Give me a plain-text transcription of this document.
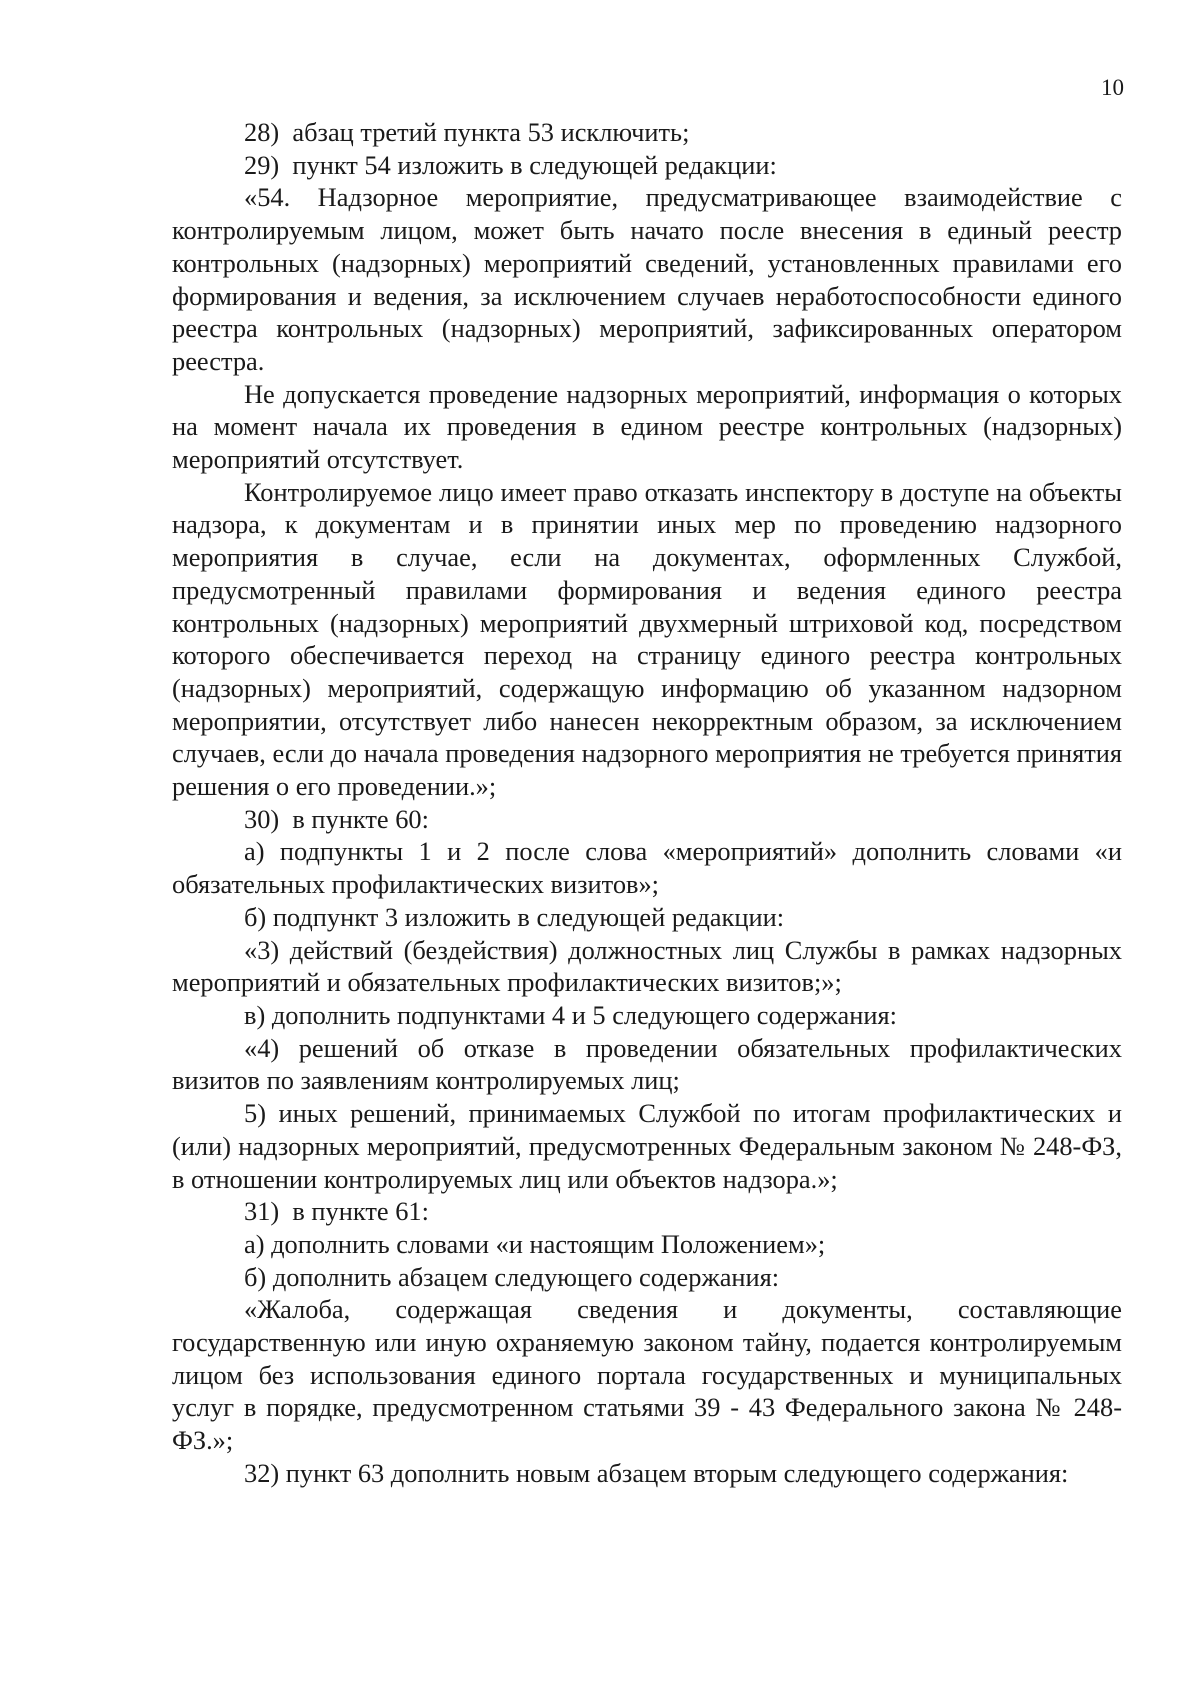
10

28)  абзац третий пункта 53 исключить;

29)  пункт 54 изложить в следующей редакции:

«54. Надзорное мероприятие, предусматривающее взаимодействие с контролируемым лицом, может быть начато после внесения в единый реестр контрольных (надзорных) мероприятий сведений, установленных правилами его формирования и ведения, за исключением случаев неработоспособности единого реестра контрольных (надзорных) мероприятий, зафиксированных оператором реестра.

Не допускается проведение надзорных мероприятий, информация о которых на момент начала их проведения в едином реестре контрольных (надзорных) мероприятий отсутствует.

Контролируемое лицо имеет право отказать инспектору в доступе на объекты надзора, к документам и в принятии иных мер по проведению надзорного мероприятия в случае, если на документах, оформленных Службой, предусмотренный правилами формирования и ведения единого реестра контрольных (надзорных) мероприятий двухмерный штриховой код, посредством которого обеспечивается переход на страницу единого реестра контрольных (надзорных) мероприятий, содержащую информацию об указанном надзорном мероприятии, отсутствует либо нанесен некорректным образом, за исключением случаев, если до начала проведения надзорного мероприятия не требуется принятия решения о его проведении.»;

30)  в пункте 60:

а) подпункты 1 и 2 после слова «мероприятий» дополнить словами «и обязательных профилактических визитов»;

б) подпункт 3 изложить в следующей редакции:

«3) действий (бездействия) должностных лиц Службы в рамках надзорных мероприятий и обязательных профилактических визитов;»;

в) дополнить подпунктами 4 и 5 следующего содержания:

«4) решений об отказе в проведении обязательных профилактических визитов по заявлениям контролируемых лиц;

5) иных решений, принимаемых Службой по итогам профилактических и (или) надзорных мероприятий, предусмотренных Федеральным законом № 248-ФЗ, в отношении контролируемых лиц или объектов надзора.»;

31)  в пункте 61:

а) дополнить словами «и настоящим Положением»;

б) дополнить абзацем следующего содержания:

«Жалоба, содержащая сведения и документы, составляющие государственную или иную охраняемую законом тайну, подается контролируемым лицом без использования единого портала государственных и муниципальных услуг в порядке, предусмотренном статьями 39 - 43 Федерального закона № 248-ФЗ.»;

32) пункт 63 дополнить новым абзацем вторым следующего содержания:
